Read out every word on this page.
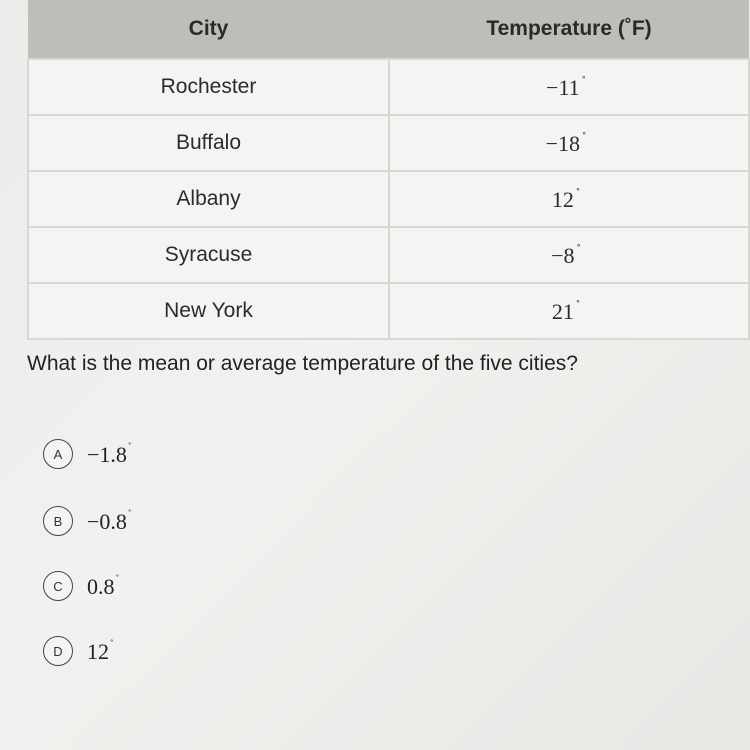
City	Temperature (˚F)
Rochester	−11 ˚
Buffalo	−18 ˚
Albany	12 ˚
Syracuse	−8 ˚
New York	21 ˚
What is the mean or average temperature of the five cities?
A	−1.8˚
B	−0.8˚
C	0.8˚
D	12˚
